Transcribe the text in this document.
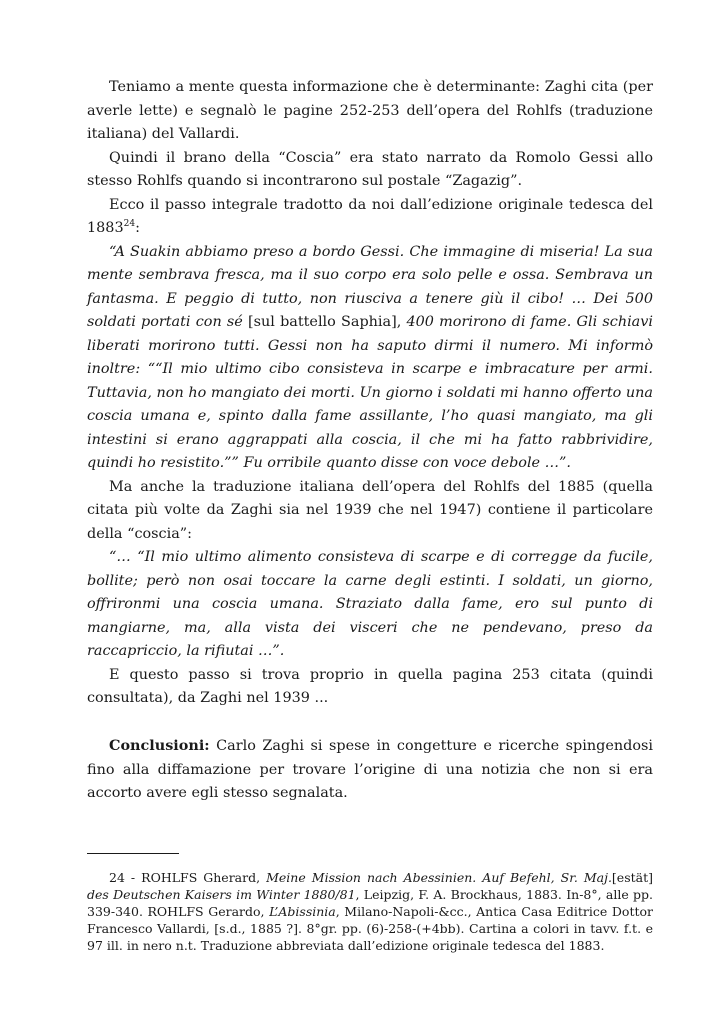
Teniamo a mente questa informazione che è determinante: Zaghi cita (per averle lette) e segnalò le pagine 252-253 dell’opera del Rohlfs (traduzione italiana) del Vallardi.

Quindi il brano della “Coscia” era stato narrato da Romolo Gessi allo stesso Rohlfs quando si incontrarono sul postale “Zagazig”.

Ecco il passo integrale tradotto da noi dall’edizione originale tedesca del 1883$^{24}$:

“A Suakin abbiamo preso a bordo Gessi. Che immagine di miseria! La sua mente sembrava fresca, ma il suo corpo era solo pelle e ossa. Sembrava un fantasma. E peggio di tutto, non riusciva a tenere giù il cibo! … Dei 500 soldati portati con sé [sul battello Saphia], 400 morirono di fame. Gli schiavi liberati morirono tutti. Gessi non ha saputo dirmi il numero. Mi informò inoltre: ““Il mio ultimo cibo consisteva in scarpe e imbracature per armi. Tuttavia, non ho mangiato dei morti. Un giorno i soldati mi hanno offerto una coscia umana e, spinto dalla fame assillante, l’ho quasi mangiato, ma gli intestini si erano aggrappati alla coscia, il che mi ha fatto rabbrividire, quindi ho resistito.”” Fu orribile quanto disse con voce debole …”.

Ma anche la traduzione italiana dell’opera del Rohlfs del 1885 (quella citata più volte da Zaghi sia nel 1939 che nel 1947) contiene il particolare della “coscia”:

“… “Il mio ultimo alimento consisteva di scarpe e di corregge da fucile, bollite; però non osai toccare la carne degli estinti. I soldati, un giorno, offrironmi una coscia umana. Straziato dalla fame, ero sul punto di mangiarne, ma, alla vista dei visceri che ne pendevano, preso da raccapriccio, la rifiutai …”.

E questo passo si trova proprio in quella pagina 253 citata (quindi consultata), da Zaghi nel 1939 ...

Conclusioni: Carlo Zaghi si spese in congetture e ricerche spingendosi fino alla diffamazione per trovare l’origine di una notizia che non si era accorto avere egli stesso segnalata.

24 - ROHLFS Gherard, Meine Mission nach Abessinien. Auf Befehl, Sr. Maj.[estät] des Deutschen Kaisers im Winter 1880/81, Leipzig, F. A. Brockhaus, 1883. In-8°, alle pp. 339-340. ROHLFS Gerardo, L’Abissinia, Milano-Napoli-&cc., Antica Casa Editrice Dottor Francesco Vallardi, [s.d., 1885 ?]. 8°gr. pp. (6)-258-(+4bb). Cartina a colori in tavv. f.t. e 97 ill. in nero n.t. Traduzione abbreviata dall’edizione originale tedesca del 1883.
